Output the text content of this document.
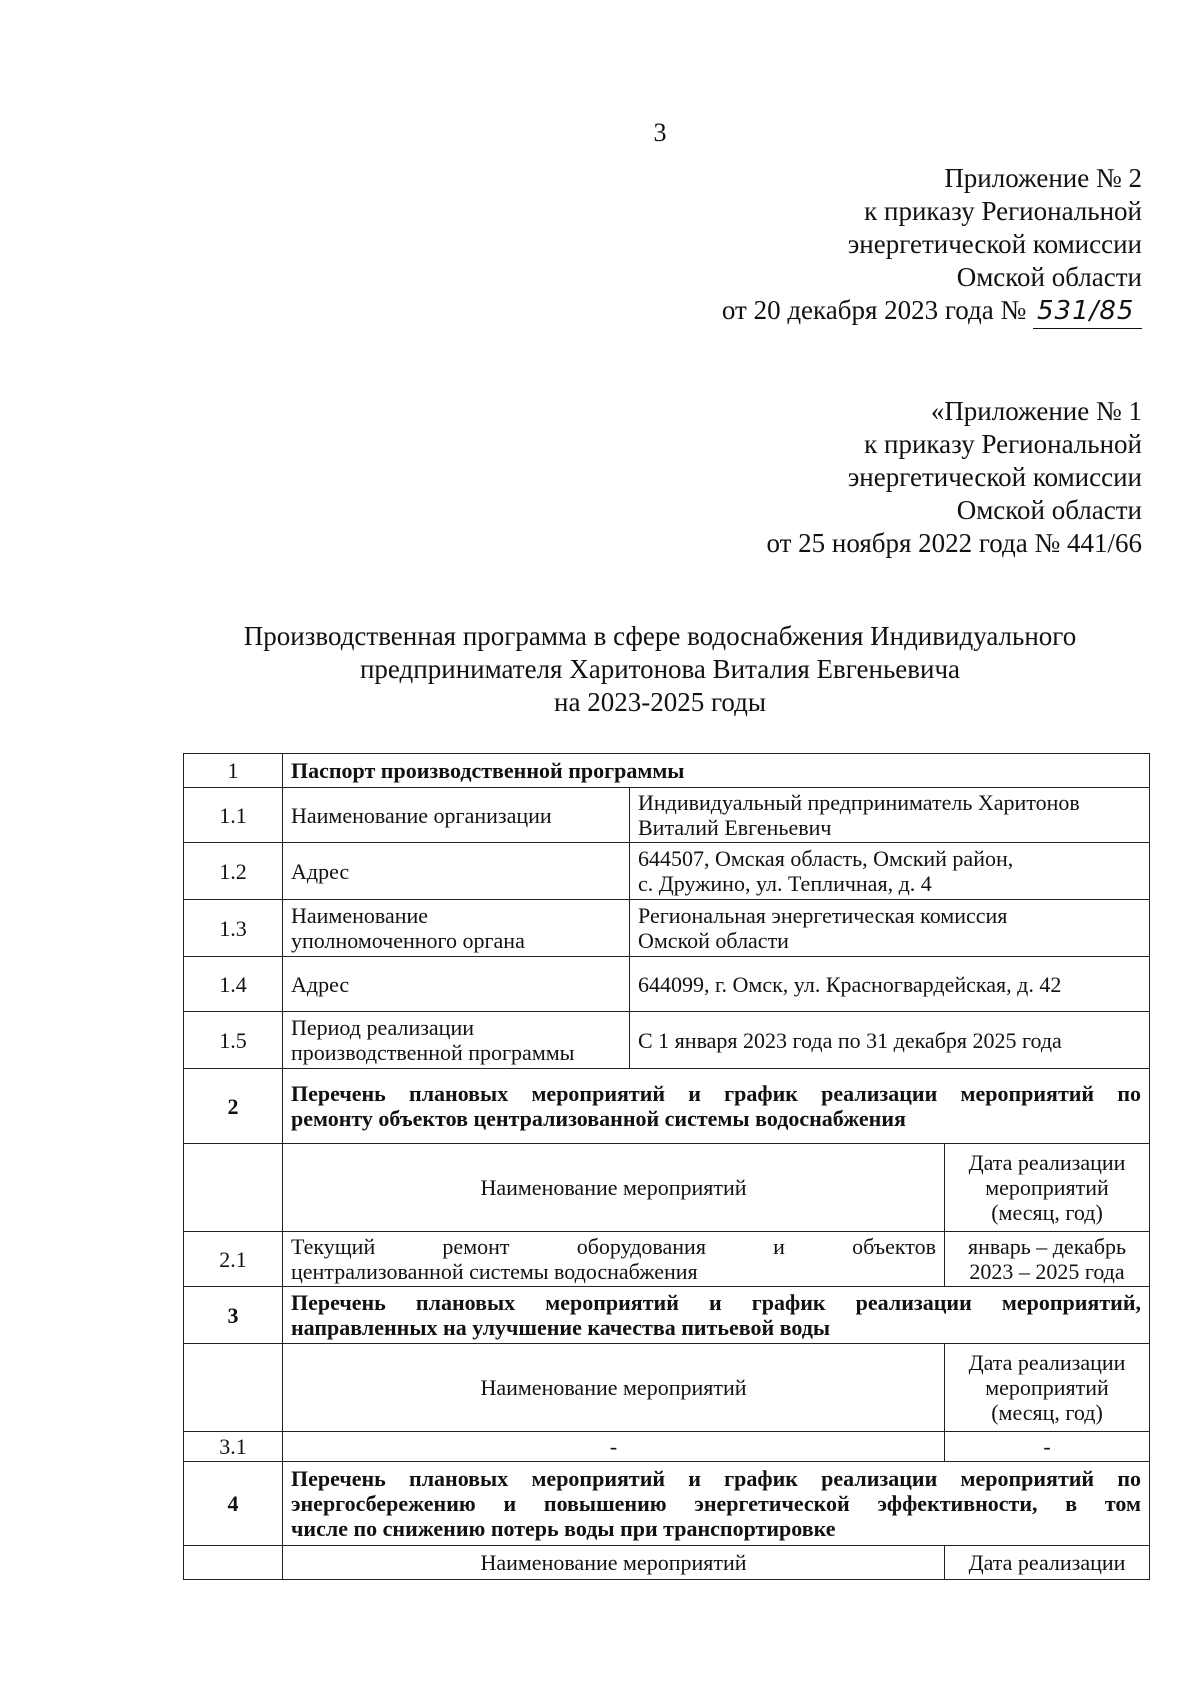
3
Приложение № 2
к приказу Региональной
энергетической комиссии
Омской области
от 20 декабря 2023 года № 531/85
«Приложение № 1
к приказу Региональной
энергетической комиссии
Омской области
от 25 ноября 2022 года № 441/66
Производственная программа в сфере водоснабжения Индивидуального
предпринимателя Харитонова Виталия Евгеньевича
на 2023-2025 годы
1	Паспорт производственной программы		
1.1	Наименование организации	Индивидуальный предприниматель Харитонов
Виталий Евгеньевич	

1.2	Адрес	644507, Омская область, Омский район,
с. Дружино, ул. Тепличная, д. 4	

1.3	Наименование
уполномоченного органа	Региональная энергетическая комиссия
Омской области	

1.4	Адрес	644099, г. Омск, ул. Красногвардейская, д. 42	
1.5	Период реализации
производственной программы	С 1 января 2023 года по 31 декабря 2025 года	
2	Перечень плановых мероприятий и график реализации мероприятий по
ремонту объектов централизованной системы водоснабжения		

	Наименование мероприятий		Дата реализации
мероприятий
(месяц, год)

2.1	Текущий ремонт оборудования и объектов
централизованной системы водоснабжения		январь – декабрь
2023 – 2025 года

3	Перечень плановых мероприятий и график реализации мероприятий,
направленных на улучшение качества питьевой воды		

	Наименование мероприятий		Дата реализации
мероприятий
(месяц, год)

3.1	-		-
4	Перечень плановых мероприятий и график реализации мероприятий по
энергосбережению и повышению энергетической эффективности, в том
числе по снижению потерь воды при транспортировке		

	Наименование мероприятий		Дата реализации
